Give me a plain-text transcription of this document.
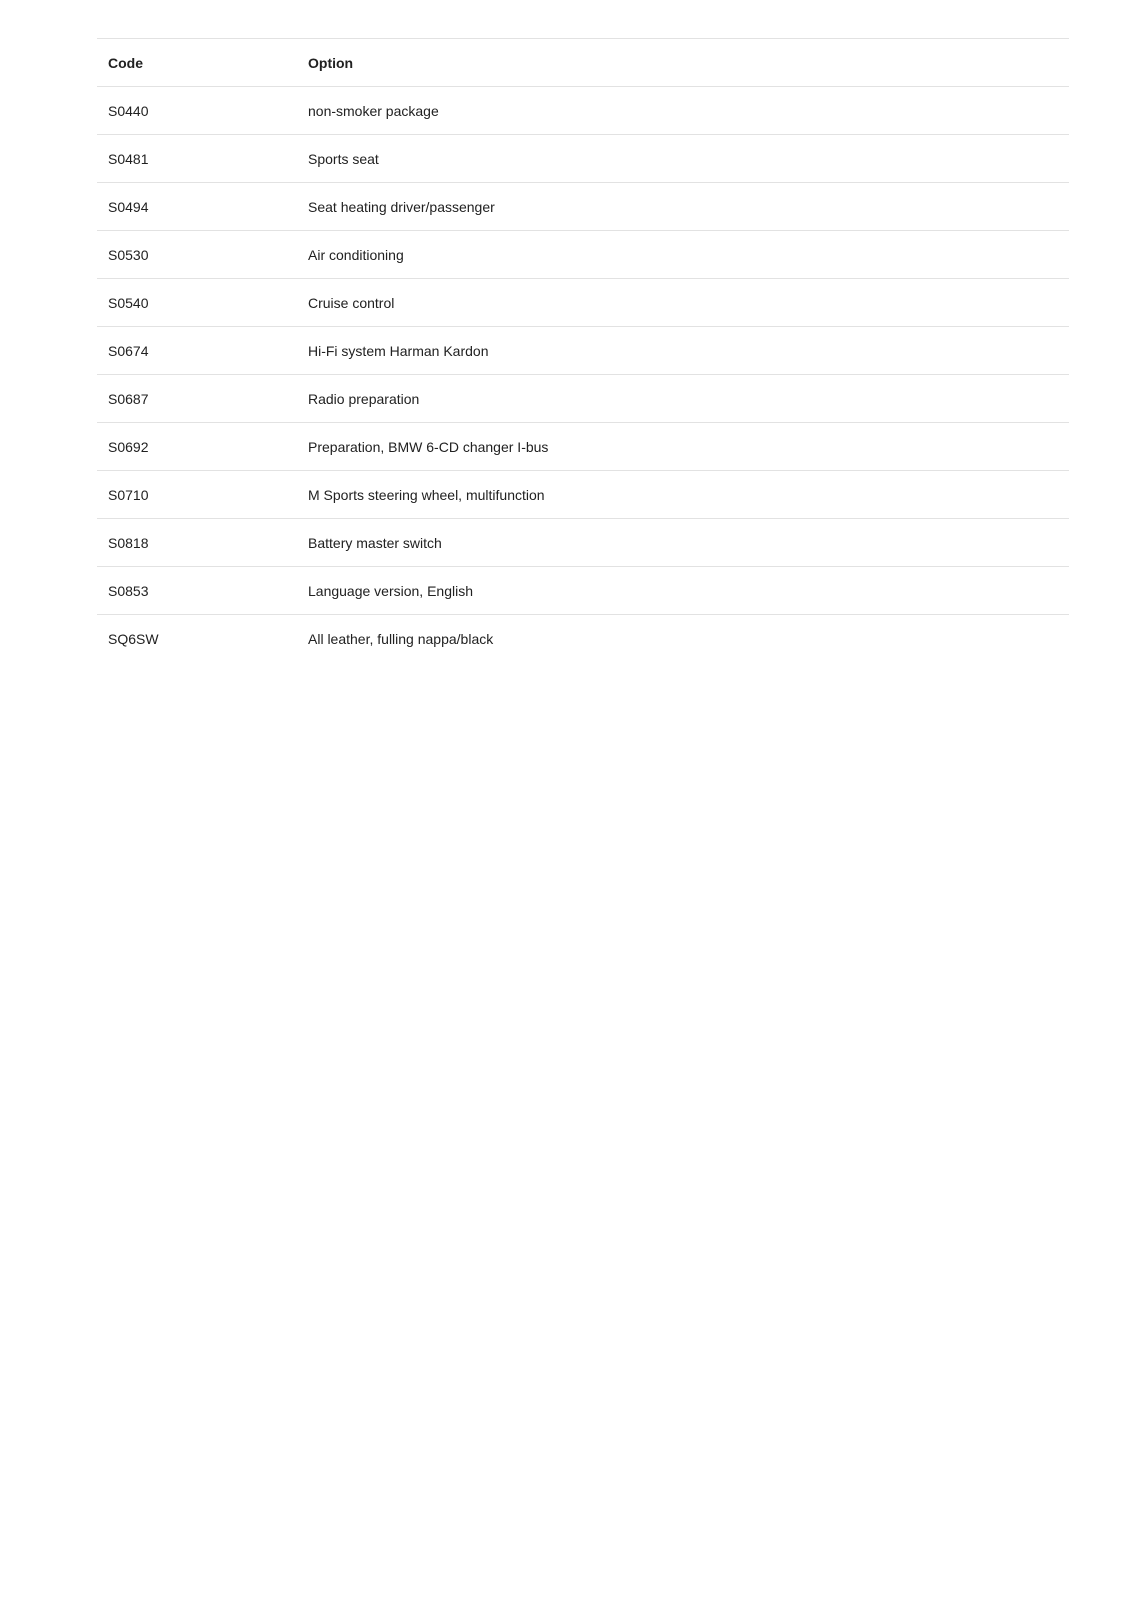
Code	Option
S0440	non-smoker package
S0481	Sports seat
S0494	Seat heating driver/passenger
S0530	Air conditioning
S0540	Cruise control
S0674	Hi-Fi system Harman Kardon
S0687	Radio preparation
S0692	Preparation, BMW 6-CD changer I-bus
S0710	M Sports steering wheel, multifunction
S0818	Battery master switch
S0853	Language version, English
SQ6SW	All leather, fulling nappa/black
